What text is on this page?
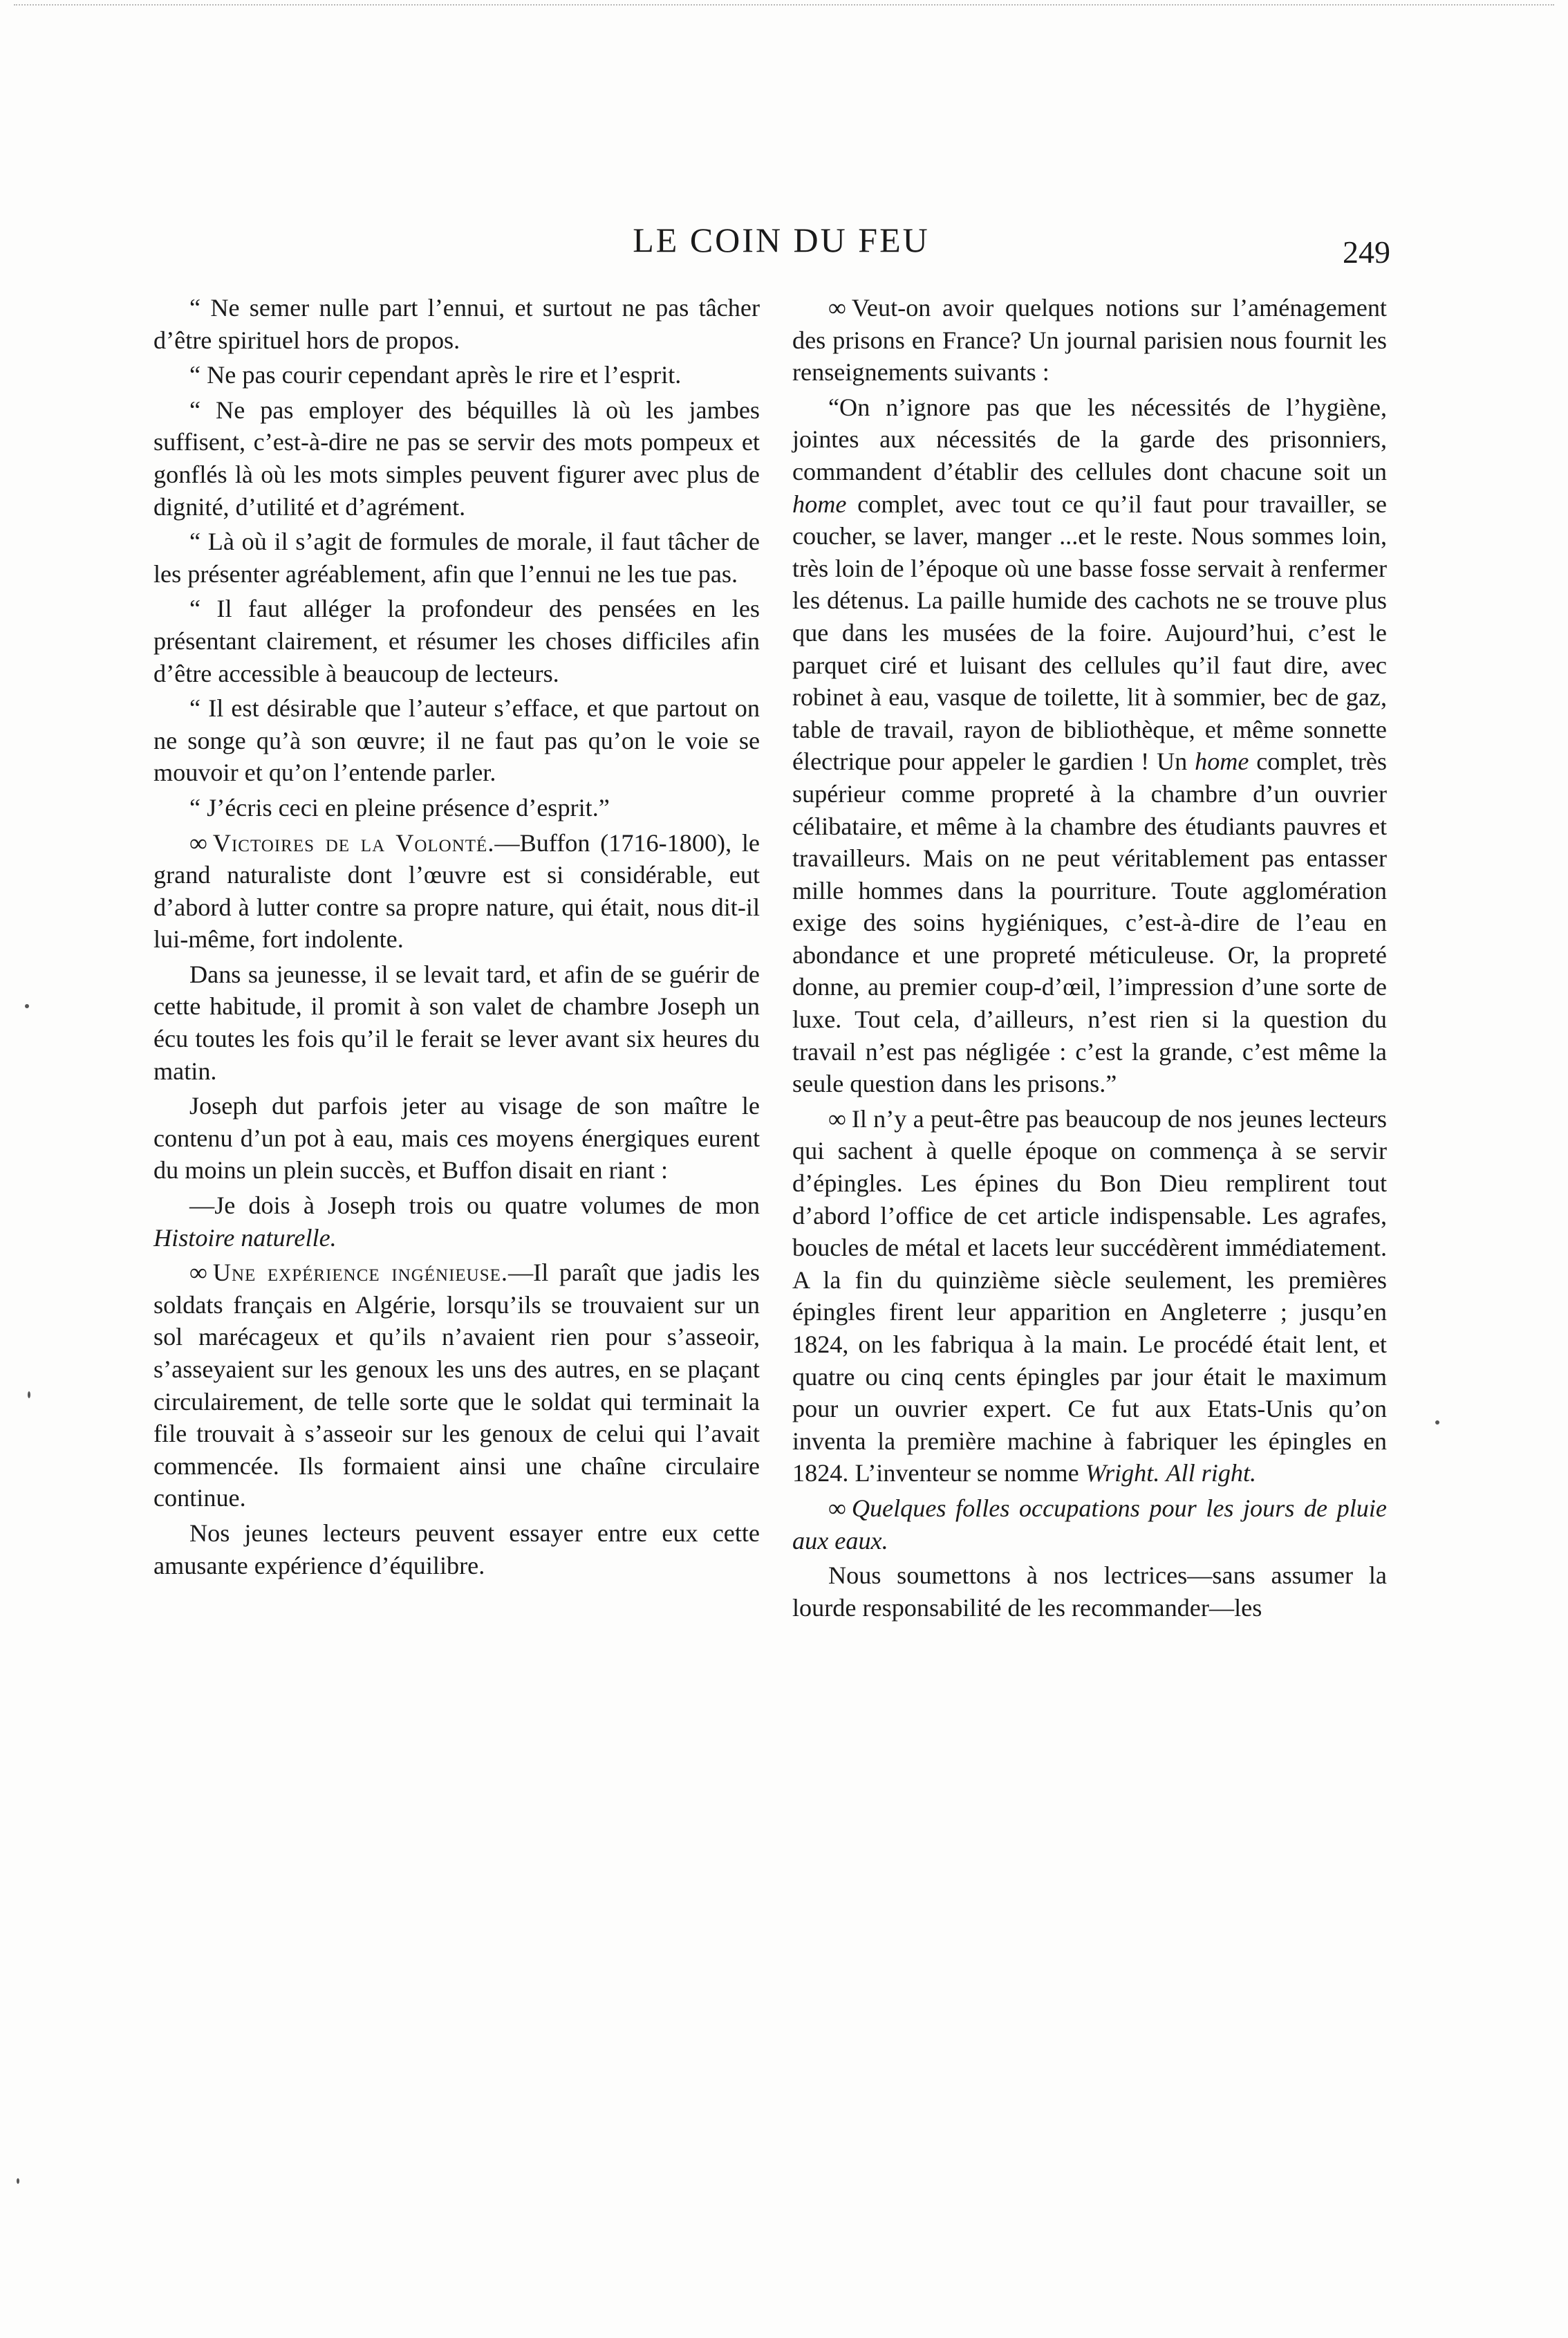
LE COIN DU FEU	249

“ Ne semer nulle part l’ennui, et surtout ne pas tâcher d’être spirituel hors de propos.

“ Ne pas courir cependant après le rire et l’esprit.

“ Ne pas employer des béquilles là où les jambes suffisent, c’est-à-dire ne pas se servir des mots pompeux et gonflés là où les mots simples peuvent figurer avec plus de dignité, d’utilité et d’agrément.

“ Là où il s’agit de formules de morale, il faut tâcher de les présenter agréablement, afin que l’ennui ne les tue pas.

“ Il faut alléger la profondeur des pensées en les présentant clairement, et résumer les choses difficiles afin d’être accessible à beaucoup de lecteurs.

“ Il est désirable que l’auteur s’efface, et que partout on ne songe qu’à son œuvre; il ne faut pas qu’on le voie se mouvoir et qu’on l’entende parler.

“ J’écris ceci en pleine présence d’esprit.”

∞ Victoires de la Volonté.—Buffon (1716-1800), le grand naturaliste dont l’œuvre est si considérable, eut d’abord à lutter contre sa propre nature, qui était, nous dit-il lui-même, fort indolente.

Dans sa jeunesse, il se levait tard, et afin de se guérir de cette habitude, il promit à son valet de chambre Joseph un écu toutes les fois qu’il le ferait se lever avant six heures du matin.

Joseph dut parfois jeter au visage de son maître le contenu d’un pot à eau, mais ces moyens énergiques eurent du moins un plein succès, et Buffon disait en riant :

—Je dois à Joseph trois ou quatre volumes de mon Histoire naturelle.

∞ Une expérience ingénieuse.—Il paraît que jadis les soldats français en Algérie, lorsqu’ils se trouvaient sur un sol marécageux et qu’ils n’avaient rien pour s’asseoir, s’asseyaient sur les genoux les uns des autres, en se plaçant circulairement, de telle sorte que le soldat qui terminait la file trouvait à s’asseoir sur les genoux de celui qui l’avait commencée. Ils formaient ainsi une chaîne circulaire continue.

Nos jeunes lecteurs peuvent essayer entre eux cette amusante expérience d’équilibre.

∞ Veut-on avoir quelques notions sur l’aménagement des prisons en France? Un journal parisien nous fournit les renseignements suivants :

“On n’ignore pas que les nécessités de l’hygiène, jointes aux nécessités de la garde des prisonniers, commandent d’établir des cellules dont chacune soit un home complet, avec tout ce qu’il faut pour travailler, se coucher, se laver, manger ...et le reste. Nous sommes loin, très loin de l’époque où une basse fosse servait à renfermer les détenus. La paille humide des cachots ne se trouve plus que dans les musées de la foire. Aujourd’hui, c’est le parquet ciré et luisant des cellules qu’il faut dire, avec robinet à eau, vasque de toilette, lit à sommier, bec de gaz, table de travail, rayon de bibliothèque, et même sonnette électrique pour appeler le gardien ! Un home complet, très supérieur comme propreté à la chambre d’un ouvrier célibataire, et même à la chambre des étudiants pauvres et travailleurs. Mais on ne peut véritablement pas entasser mille hommes dans la pourriture. Toute agglomération exige des soins hygiéniques, c’est-à-dire de l’eau en abondance et une propreté méticuleuse. Or, la propreté donne, au premier coup-d’œil, l’impression d’une sorte de luxe. Tout cela, d’ailleurs, n’est rien si la question du travail n’est pas négligée : c’est la grande, c’est même la seule question dans les prisons.”

∞ Il n’y a peut-être pas beaucoup de nos jeunes lecteurs qui sachent à quelle époque on commença à se servir d’épingles. Les épines du Bon Dieu remplirent tout d’abord l’office de cet article indispensable. Les agrafes, boucles de métal et lacets leur succédèrent immédiatement. A la fin du quinzième siècle seulement, les premières épingles firent leur apparition en Angleterre ; jusqu’en 1824, on les fabriqua à la main. Le procédé était lent, et quatre ou cinq cents épingles par jour était le maximum pour un ouvrier expert. Ce fut aux Etats-Unis qu’on inventa la première machine à fabriquer les épingles en 1824. L’inventeur se nomme Wright. All right.

∞ Quelques folles occupations pour les jours de pluie aux eaux.

Nous soumettons à nos lectrices—sans assumer la lourde responsabilité de les recommander—les
